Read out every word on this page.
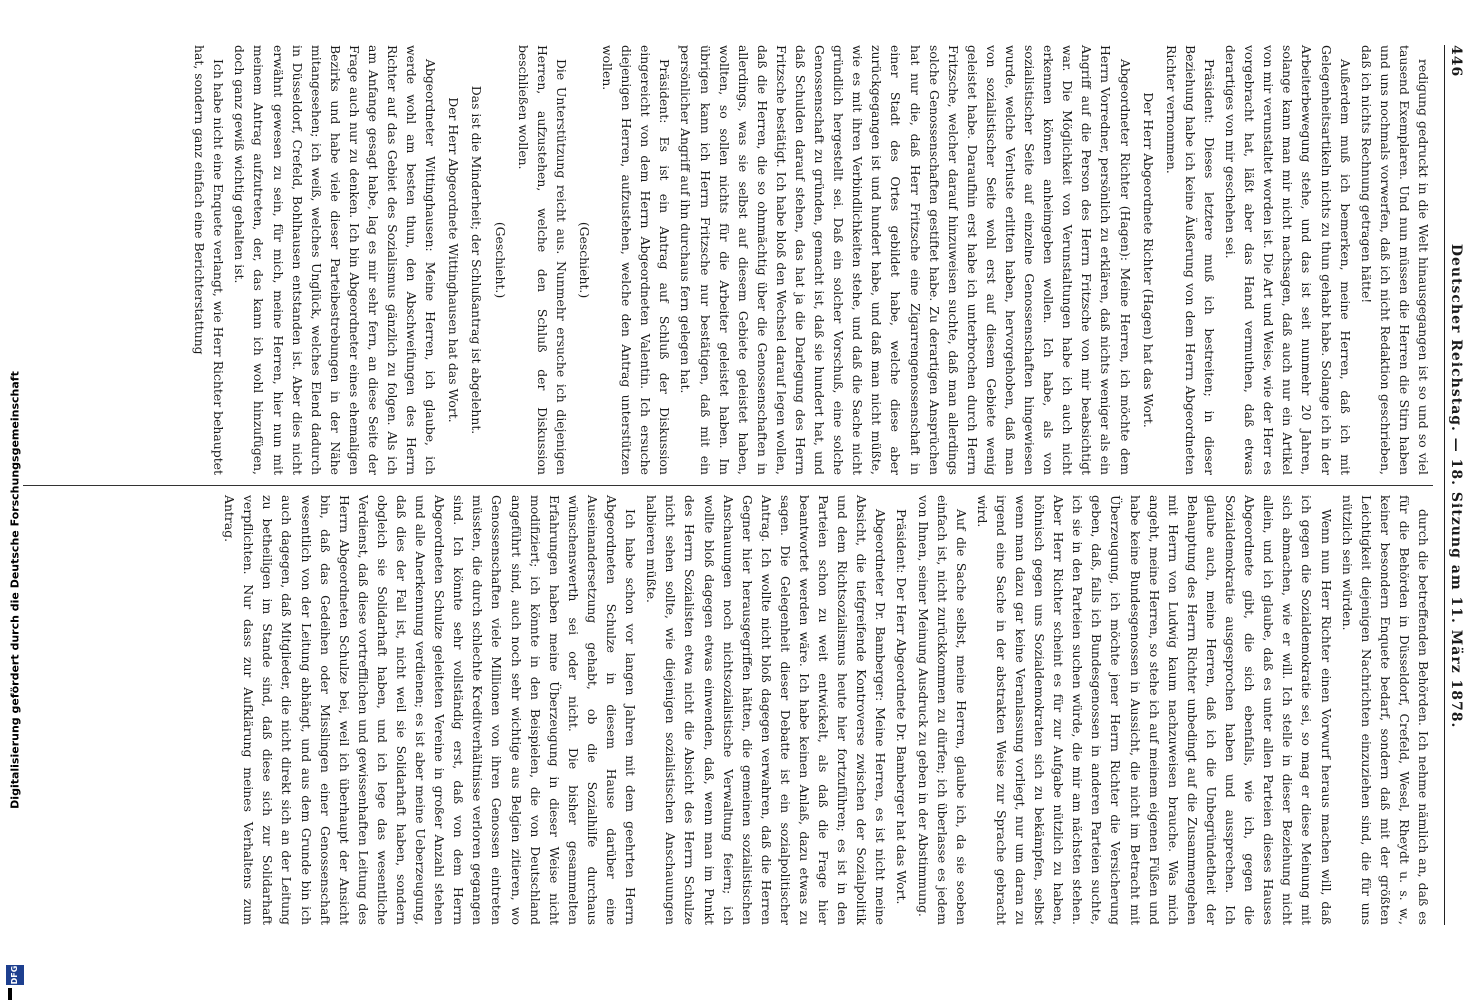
Digitalisierung gefördert durch die Deutsche Forschungsgemeinschaft
DFG
446
Deutscher Reichstag. — 18. Sitzung am 11. März 1878.

redigung gedruckt in die Welt hinausgegangen ist so und so viel tausend Exemplaren. Und nun müssen die Herren die Stirn haben und uns nochmals vorwerfen, daß ich nicht Redaktion geschrieben, daß ich nichts Rechnung getragen hätte!

Außerdem muß ich bemerken, meine Herren, daß ich mit Gelegenheitsartikeln nichts zu thun gehabt habe. Solange ich in der Arbeiterbewegung stehe, und das ist seit nunmehr 20 Jahren, solange kann man mir nicht nachsagen, daß auch nur ein Artikel von mir verunstaltet worden ist. Die Art und Weise, wie der Herr es vorgebracht hat, läßt aber das Hand vermuthen, daß etwas derartiges von mir geschehen sei.

Präsident: Dieses letztere muß ich bestreiten; in dieser Beziehung habe ich keine Äußerung von dem Herrn Abgeordneten Richter vernommen.

Der Herr Abgeordnete Richter (Hagen) hat das Wort.

Abgeordneter Richter (Hagen): Meine Herren, ich möchte dem Herrn Vorredner, persönlich zu erklären, daß nichts weniger als ein Angriff auf die Person des Herrn Fritzsche von mir beabsichtigt war. Die Möglichkeit von Verunstaltungen habe ich auch nicht erkennen können anheimgeben wollen. Ich habe, als von sozialistischer Seite auf einzelne Genossenschaften hingewiesen wurde, welche Verluste erlitten haben, hervorgehoben, daß man von sozialistischer Seite wohl erst auf diesem Gebiete wenig geleistet habe. Daraufhin erst habe ich unterbrochen durch Herrn Fritzsche, welcher darauf hinzuweisen suchte, daß man allerdings solche Genossenschaften gestiftet habe. Zu derartigen Ansprüchen hat nur die, daß Herr Fritzsche eine Zigarrengenossenschaft in einer Stadt des Ortes gebildet habe, welche diese aber zurückgegangen ist und hundert habe, und daß man nicht müßte, wie es mit ihren Verbindlichkeiten stehe, und daß die Sache nicht gründlich hergestellt sei. Daß ein solcher Vorschuß, eine solche Genossenschaft zu gründen, gemacht ist, daß sie hundert hat, und daß Schulden darauf stehen, das hat ja die Darlegung des Herrn Fritzsche bestätigt. Ich habe bloß den Wechsel darauf legen wollen, daß die Herren, die so ohnmächtig über die Genossenschaften in allerdings, was sie selbst auf diesem Gebiete geleistet haben, wollten, so sollen nichts für die Arbeiter geleistet haben. Im übrigen kann ich Herrn Fritzsche nur bestätigen, daß mit ein persönlicher Angriff auf ihn durchaus fern gelegen hat.

Präsident: Es ist ein Antrag auf Schluß der Diskussion eingereicht von dem Herrn Abgeordneten Valentin. Ich ersuche diejenigen Herren, aufzustehen, welche den Antrag unterstützen wollen.

(Geschieht.)

Die Unterstützung reicht aus. Nunmehr ersuche ich diejenigen Herren, aufzustehen, welche den Schluß der Diskussion beschließen wollen.

(Geschieht.)

Das ist die Minderheit; der Schlußantrag ist abgelehnt.

Der Herr Abgeordnete Wittinghausen hat das Wort.

Abgeordneter Wittinghausen: Meine Herren, ich glaube, ich werde wohl am besten thun, den Abschweifungen des Herrn Richter auf das Gebiet des Sozialismus gänzlich zu folgen. Als ich am Anfange gesagt habe, lag es mir sehr fern, an diese Seite der Frage auch nur zu denken. Ich bin Abgeordneter eines ehemaligen Bezirks und habe viele dieser Parteibestrebungen in der Nähe mitangesehen; ich weiß, welches Unglück, welches Elend dadurch in Düsseldorf, Crefeld, Bohlhausen entstanden ist. Aber dies nicht erwähnt gewesen zu sein, für mich, meine Herren, hier nun mit meinem Antrag aufzutreten, der, das kann ich wohl hinzufügen, doch ganz gewiß wichtig gehalten ist.

Ich habe nicht eine Enquete verlangt, wie Herr Richter behauptet hat, sondern ganz einfach eine Berichterstattung

durch die betreffenden Behörden. Ich nehme nämlich an, daß es für die Behörden in Düsseldorf, Crefeld, Wesel, Rheydt u. s. w., keiner besondern Enquete bedarf, sondern daß mit der größten Leichtigkeit diejenigen Nachrichten einzuziehen sind, die für uns nützlich sein würden.

Wenn nun Herr Richter einen Vorwurf heraus machen will, daß ich gegen die Sozialdemokratie sei, so mag er diese Meinung mit sich abmachen, wie er will. Ich stelle in dieser Beziehung nicht allein, und ich glaube, daß es unter allen Parteien dieses Hauses Abgeordnete gibt, die sich ebenfalls, wie ich, gegen die Sozialdemokratie ausgesprochen haben und aussprechen. Ich glaube auch, meine Herren, daß ich die Unbegründetheit der Behauptung des Herrn Richter unbedingt auf die Zusammengehen mit Herrn von Ludwig kaum nachzuweisen brauche. Was mich angeht, meine Herren, so stehe ich auf meinem eigenen Füßen und habe keine Bundesgenossen in Aussicht, die nicht im Betracht mit Überzeugung, ich möchte jener Herrn Richter die Versicherung geben, daß, falls ich Bundesgenossen in anderen Parteien suchte, ich sie in den Parteien suchen würde, die mir am nächsten stehen. Aber Herr Richter scheint es für zur Aufgabe nützlich zu haben, höhnisch gegen uns Sozialdemokraten sich zu bekämpfen, selbst wenn man dazu gar keine Veranlassung vorliegt, nur um daran zu irgend eine Sache in der abstrakten Weise zur Sprache gebracht wird.

Auf die Sache selbst, meine Herren, glaube ich, da sie soeben einfach ist, nicht zurückkommen zu dürfen; ich überlasse es jedem von Ihnen, seiner Meinung Ausdruck zu geben in der Abstimmung.

Präsident: Der Herr Abgeordnete Dr. Bamberger hat das Wort.

Abgeordneter Dr. Bamberger: Meine Herren, es ist nicht meine Absicht, die tiefgreifende Kontroverse zwischen der Sozialpolitik und dem Richtsozialismus heute hier fortzuführen; es ist in den Parteien schon zu weit entwickelt, als daß die Frage hier beantwortet werden wäre. Ich habe keinen Anlaß, dazu etwas zu sagen. Die Gelegenheit dieser Debatte ist ein sozialpolitischer Antrag. Ich wollte nicht bloß dagegen verwahren, daß die Herren Gegner hier herausgegriffen hätten, die gemeinen sozialistischen Anschauungen noch nichtsozialistische Verwaltung feiern; ich wollte bloß dagegen etwas einwenden, daß, wenn man im Punkt des Herrn Sozialisten etwa nicht die Absicht des Herrn Schulze nicht sehen sollte, wie diejenigen sozialistischen Anschauungen halbieren müßte.

Ich habe schon vor langen Jahren mit dem geehrten Herrn Abgeordneten Schulze in diesem Hause darüber eine Auseinandersetzung gehabt, ob die Sozialhilfe durchaus wünschenswerth sei oder nicht. Die bisher gesammelten Erfahrungen haben meine Überzeugung in dieser Weise nicht modifiziert; ich könnte in den Beispielen, die von Deutschland angeführt sind, auch noch sehr wichtige aus Belgien zitieren, wo Genossenschaften viele Millionen von ihren Genossen eintreten müssten, die durch schlechte Kreditverhältnisse verloren gegangen sind. Ich könnte sehr vollständig erst, daß von dem Herrn Abgeordneten Schulze geleiteten Vereine in großer Anzahl stehen und alle Anerkennung verdienen; es ist aber meine Ueberzeugung, daß dies der Fall ist, nicht weil sie Solidarhaft haben, sondern obgleich sie Solidarhaft haben, und ich lege das wesentliche Verdienst, daß diese vortrefflichen und gewissenhaften Leitung des Herrn Abgeordneten Schulze bei, weil ich überhaupt der Ansicht bin, daß das Gedeihen oder Misslingen einer Genossenschaft wesentlich von der Leitung abhängt, und aus dem Grunde bin ich auch dagegen, daß Mitglieder, die nicht direkt sich an der Leitung zu betheiligen im Stande sind, daß diese sich zur Solidarhaft verpflichten. Nur dass zur Aufklärung meines Verhaltens zum Antrag.
